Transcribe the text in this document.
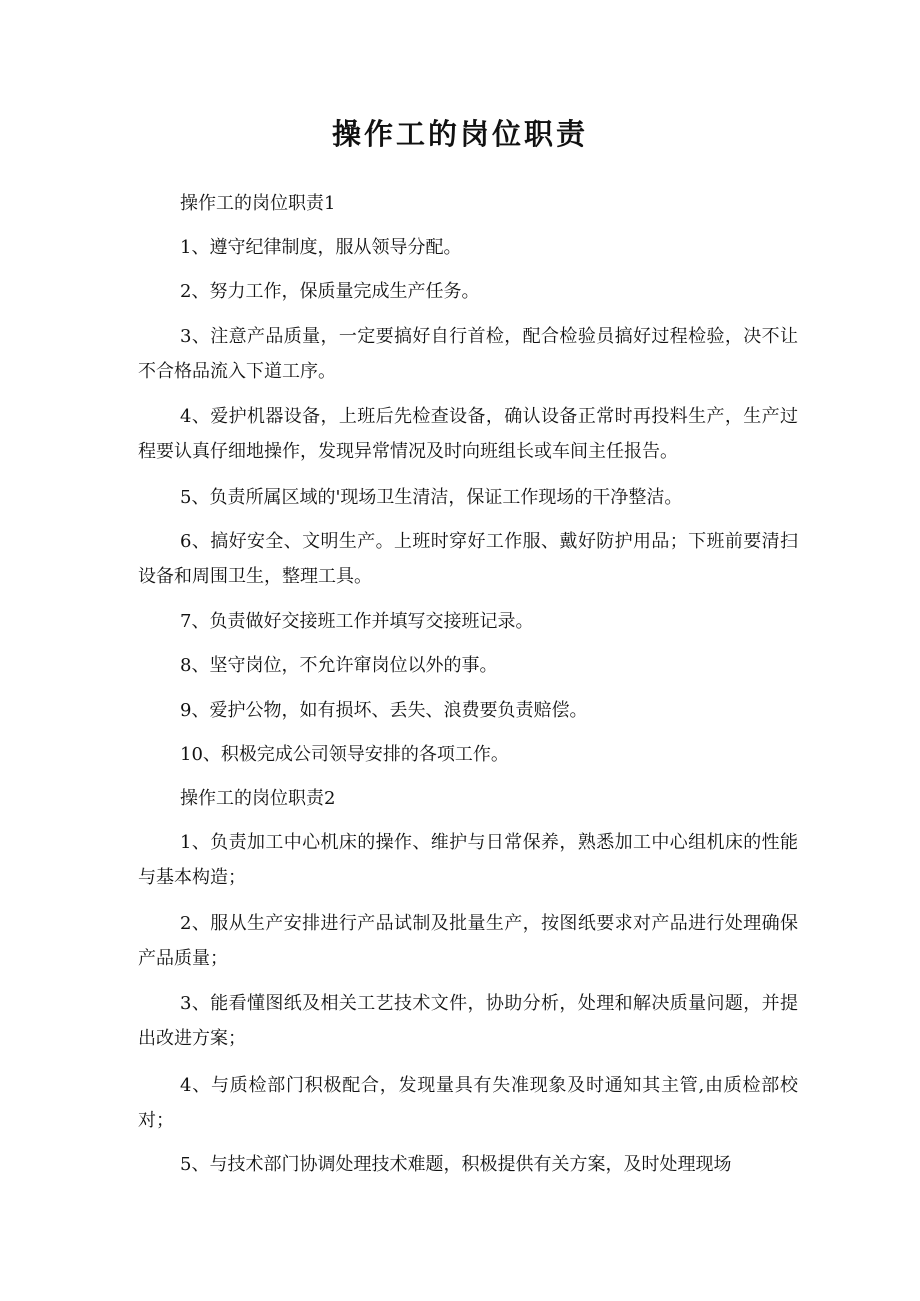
操作工的岗位职责

操作工的岗位职责1

1、遵守纪律制度，服从领导分配。

2、努力工作，保质量完成生产任务。

3、注意产品质量，一定要搞好自行首检，配合检验员搞好过程检验，决不让不合格品流入下道工序。

4、爱护机器设备，上班后先检查设备，确认设备正常时再投料生产，生产过程要认真仔细地操作，发现异常情况及时向班组长或车间主任报告。

5、负责所属区域的'现场卫生清洁，保证工作现场的干净整洁。

6、搞好安全、文明生产。上班时穿好工作服、戴好防护用品；下班前要清扫设备和周围卫生，整理工具。

7、负责做好交接班工作并填写交接班记录。

8、坚守岗位，不允许窜岗位以外的事。

9、爱护公物，如有损坏、丢失、浪费要负责赔偿。

10、积极完成公司领导安排的各项工作。

操作工的岗位职责2

1、负责加工中心机床的操作、维护与日常保养，熟悉加工中心组机床的性能与基本构造；

2、服从生产安排进行产品试制及批量生产，按图纸要求对产品进行处理确保产品质量；

3、能看懂图纸及相关工艺技术文件，协助分析，处理和解决质量问题，并提出改进方案；

4、与质检部门积极配合，发现量具有失准现象及时通知其主管,由质检部校对；

5、与技术部门协调处理技术难题，积极提供有关方案，及时处理现场
